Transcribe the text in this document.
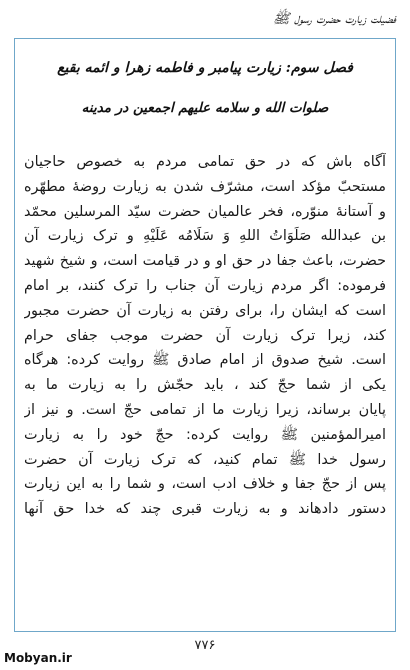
فضیلت زیارت حضرت رسول ﷺ
فصل سوم: زیارت پیامبر و فاطمه زهرا و ائمه بقیع
صلوات الله و سلامه علیهم اجمعین در مدینه
آگاه باش که در حق تمامی مردم به خصوص حاجیان
مستحبّ مؤکد است، مشرّف شدن به زیارت روضهٔ مطهّره
و آستانهٔ منوّره، فخر عالمیان حضرت سیّد المرسلین محمّد
بن عبدالله صَلَوَاتُ اللهِ وَ سَلَامُه عَلَیْهِ و ترک زیارت آن
حضرت، باعث جفا در حق او و در قیامت است، و شیخ شهید
فرموده: اگر مردم زیارت آن جناب را ترک کنند، بر امام
است که ایشان را، برای رفتن به زیارت آن حضرت مجبور
کند، زیرا ترک زیارت آن حضرت موجب جفای حرام
است. شیخ صدوق از امام صادق ﷺ روایت کرده: هرگاه
یکی از شما حجّ کند ، باید حجّش را به زیارت ما به
پایان برساند، زیرا زیارت ما از تمامی حجّ است. و نیز از
امیرالمؤمنین ﷺ روایت کرده: حجّ خود را به زیارت
رسول خدا ﷺ تمام کنید، که ترک زیارت آن حضرت
پس از حجّ جفا و خلاف ادب است، و شما را به این زیارت
دستور دادهاند و به زیارت قبری چند که خدا حق آنها
۷۷۶
Mobyan.ir
